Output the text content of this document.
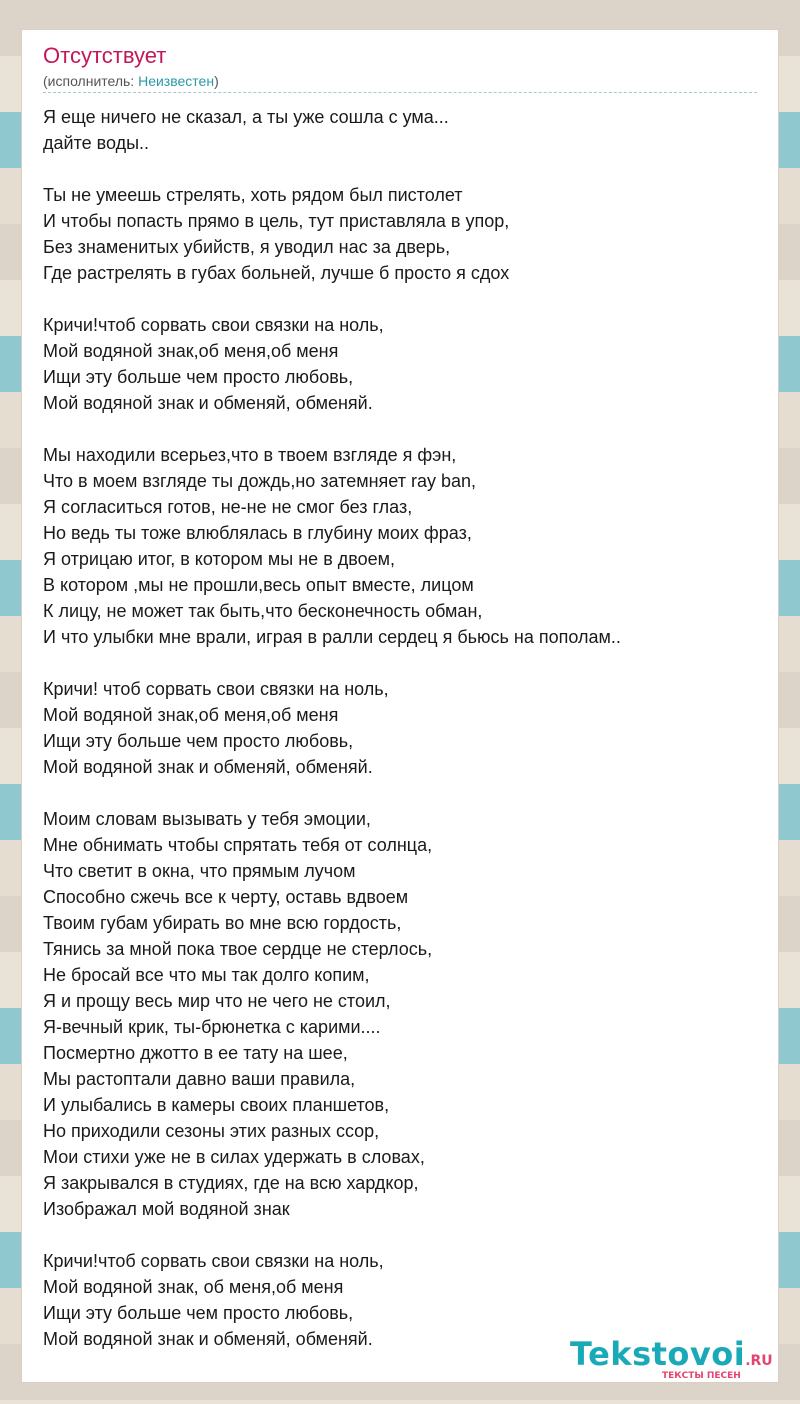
Отсутствует
(исполнитель: Неизвестен)
Я еще ничего не сказал, а ты уже сошла с ума...
дайте воды..
Ты не умеешь стрелять, хоть рядом был пистолет
И чтобы попасть прямо в цель, тут приставляла в упор,
Без знаменитых убийств, я уводил нас за дверь,
Где растрелять в губах больней, лучше б просто я сдох
Кричи!чтоб сорвать свои связки на ноль,
Мой водяной знак,об меня,об меня
Ищи эту больше чем просто любовь,
Мой водяной знак и обменяй, обменяй.
Мы находили всерьез,что в твоем взгляде я фэн,
Что в моем взгляде ты дождь,но затемняет ray ban,
Я согласиться готов, не-не не смог без глаз,
Но ведь ты тоже влюблялась в глубину моих фраз,
Я отрицаю итог, в котором мы не в двоем,
В котором ,мы не прошли,весь опыт вместе, лицом
К лицу, не может так быть,что бесконечность обман,
И что улыбки мне врали, играя в ралли сердец я бьюсь на пополам..
Кричи! чтоб сорвать свои связки на ноль,
Мой водяной знак,об меня,об меня
Ищи эту больше чем просто любовь,
Мой водяной знак и обменяй, обменяй.
Моим словам вызывать у тебя эмоции,
Мне обнимать чтобы спрятать тебя от солнца,
Что светит в окна, что прямым лучом
Способно сжечь все к черту, оставь вдвоем
Твоим губам убирать во мне всю гордость,
Тянись за мной пока твое сердце не стерлось,
Не бросай все что мы так долго копим,
Я и прощу весь мир что не чего не стоил,
Я-вечный крик, ты-брюнетка с карими....
Посмертно джотто в ее тату на шее,
Мы растоптали давно ваши правила,
И улыбались в камеры своих планшетов,
Но приходили сезоны этих разных ссор,
Мои стихи уже не в силах удержать в словах,
Я закрывался в студиях, где на всю хардкор,
Изображал мой водяной знак
Кричи!чтоб сорвать свои связки на ноль,
Мой водяной знак, об меня,об меня
Ищи эту больше чем просто любовь,
Мой водяной знак и обменяй, обменяй.	Tekstovoi.RU
ТЕКСТЫ ПЕСЕН
